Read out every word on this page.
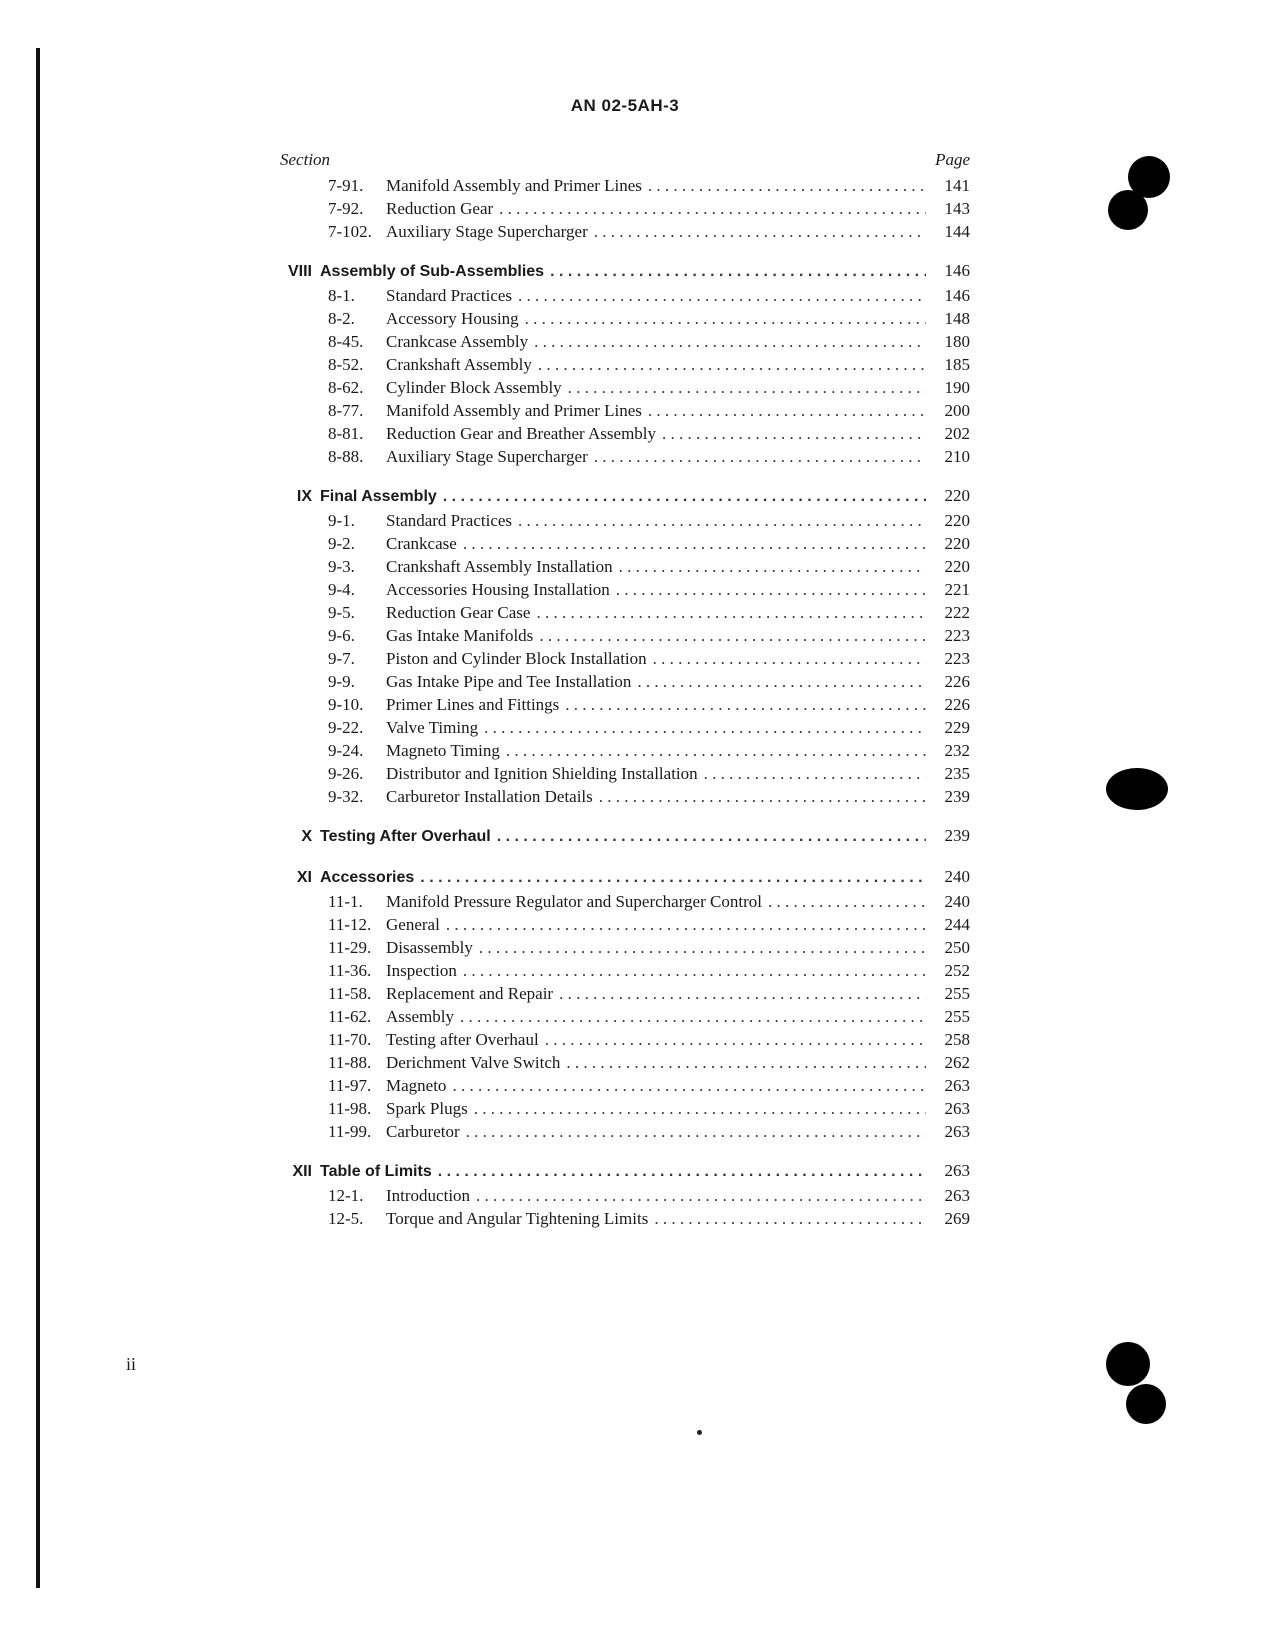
AN 02-5AH-3
Section	Page
7-91.	Manifold Assembly and Primer Lines . . .	141
7-92.	Reduction Gear . . .	143
7-102. Auxiliary Stage Supercharger . . .	144
VIII Assembly of Sub-Assemblies . . .	146
8-1.	Standard Practices . . .	146
8-2.	Accessory Housing . . .	148
8-45.	Crankcase Assembly . . .	180
8-52.	Crankshaft Assembly . . .	185
8-62.	Cylinder Block Assembly . . .	190
8-77.	Manifold Assembly and Primer Lines . . .	200
8-81.	Reduction Gear and Breather Assembly . . .	202
8-88.	Auxiliary Stage Supercharger . . .	210
IX Final Assembly . . .	220
9-1.	Standard Practices . . .	220
9-2.	Crankcase . . .	220
9-3.	Crankshaft Assembly Installation . . .	220
9-4.	Accessories Housing Installation . . .	221
9-5.	Reduction Gear Case . . .	222
9-6.	Gas Intake Manifolds . . .	223
9-7.	Piston and Cylinder Block Installation . . .	223
9-9.	Gas Intake Pipe and Tee Installation . . .	226
9-10.	Primer Lines and Fittings . . .	226
9-22.	Valve Timing . . .	229
9-24.	Magneto Timing . . .	232
9-26.	Distributor and Ignition Shielding Installation . . .	235
9-32.	Carburetor Installation Details . . .	239
X Testing After Overhaul . . .	239
XI Accessories . . .	240
11-1.	Manifold Pressure Regulator and Supercharger Control . . .	240
11-12. General . . .	244
11-29. Disassembly . . .	250
11-36. Inspection . . .	252
11-58. Replacement and Repair . . .	255
11-62. Assembly . . .	255
11-70. Testing after Overhaul . . .	258
11-88. Derichment Valve Switch . . .	262
11-97. Magneto . . .	263
11-98. Spark Plugs . . .	263
11-99. Carburetor . . .	263
XII Table of Limits . . .	263
12-1.	Introduction . . .	263
12-5.	Torque and Angular Tightening Limits . . .	269
ii
